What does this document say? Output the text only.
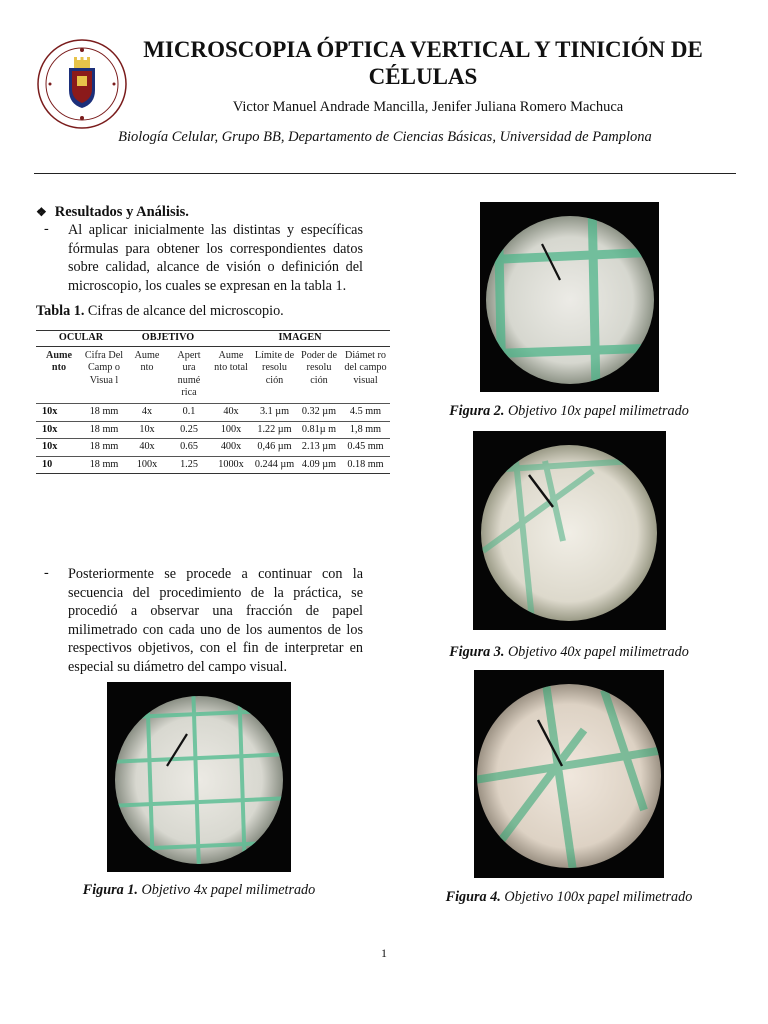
MICROSCOPIA ÓPTICA VERTICAL Y TINICIÓN DE CÉLULAS
Victor Manuel Andrade Mancilla, Jenifer Juliana Romero Machuca
Biología Celular, Grupo BB, Departamento de Ciencias Básicas, Universidad de Pamplona
❖ Resultados y Análisis.
- Al aplicar inicialmente las distintas y específicas fórmulas para obtener los correspondientes datos sobre calidad, alcance de visión o definición del microscopio, los cuales se expresan en la tabla 1.
Tabla 1. Cifras de alcance del microscopio.
OCULAR		OBJETIVO		IMAGEN			
Aume nto	Cifra Del Camp o Visua l	Aume nto	Apert ura numé rica	Aume nto total	Límite de resolu ción	Poder de resolu ción	Diámet ro del campo visual
10x	18 mm	4x	0.1	40x	3.1 µm	0.32 µm	4.5 mm
10x	18 mm	10x	0.25	100x	1.22 µm	0.81µ m	1,8 mm
10x	18 mm	40x	0.65	400x	0,46 µm	2.13 µm	0.45 mm
10	18 mm	100x	1.25	1000x	0.244 µm	4.09 µm	0.18 mm
- Posteriormente se procede a continuar con la secuencia del procedimiento de la práctica, se procedió a observar una fracción de papel milimetrado con cada uno de los aumentos de los respectivos objetivos, con el fin de interpretar en especial su diámetro del campo visual.
Figura 1. Objetivo 4x papel milimetrado
Figura 2. Objetivo 10x papel milimetrado
Figura 3. Objetivo 40x papel milimetrado
Figura 4. Objetivo 100x papel milimetrado
1
